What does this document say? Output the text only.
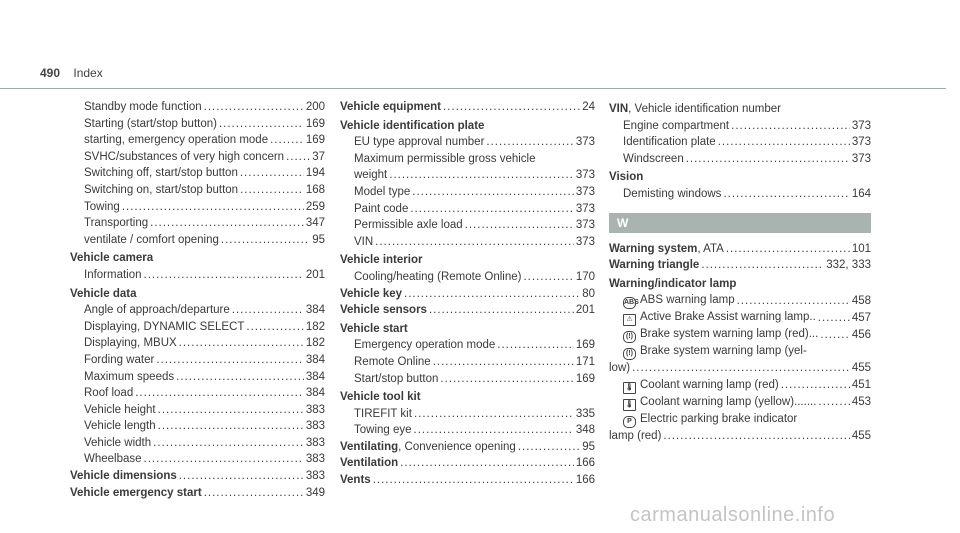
490 Index
Standby mode function .....	200
Starting (start/stop button) .....	169
starting, emergency operation mode .....	169
SVHC/substances of very high concern ..... 37
Switching off, start/stop button .....	194
Switching on, start/stop button .....	168
Towing .....	259
Transporting .....	347
ventilate / comfort opening .....	95
Vehicle camera
Information .....	201
Vehicle data
Angle of approach/departure .....	384
Displaying, DYNAMIC SELECT .....	182
Displaying, MBUX .....	182
Fording water .....	384
Maximum speeds .....	384
Roof load .....	384
Vehicle height .....	383
Vehicle length .....	383
Vehicle width .....	383
Wheelbase .....	383
Vehicle dimensions .....	383
Vehicle emergency start .....	349
Vehicle equipment .....	24
Vehicle identification plate
EU type approval number .....	373
Maximum permissible gross vehicle
weight .....	373
Model type .....	373
Paint code .....	373
Permissible axle load .....	373
VIN .....	373
Vehicle interior
Cooling/heating (Remote Online) .....	170
Vehicle key .....	80
Vehicle sensors .....	201
Vehicle start
Emergency operation mode .....	169
Remote Online .....	171
Start/stop button .....	169
Vehicle tool kit
TIREFIT kit .....	335
Towing eye .....	348
Ventilating, Convenience opening .....	95
Ventilation .....	166
Vents .....	166
VIN, Vehicle identification number
Engine compartment .....	373
Identification plate .....	373
Windscreen .....	373
Vision
Demisting windows .....	164
W
Warning system, ATA .....	101
Warning triangle .....	332, 333
Warning/indicator lamp
ABSABS warning lamp .....	458
⚠ Active Brake Assist warning lamp.. .....	457
(!) Brake system warning lamp (red)... .....	456
(!) Brake system warning lamp (yel-
low) .....	455
🌡 Coolant warning lamp (red) .....	451
🌡 Coolant warning lamp (yellow)....... .....	453
P Electric parking brake indicator
lamp (red) .....	455
carmanualsonline.info
